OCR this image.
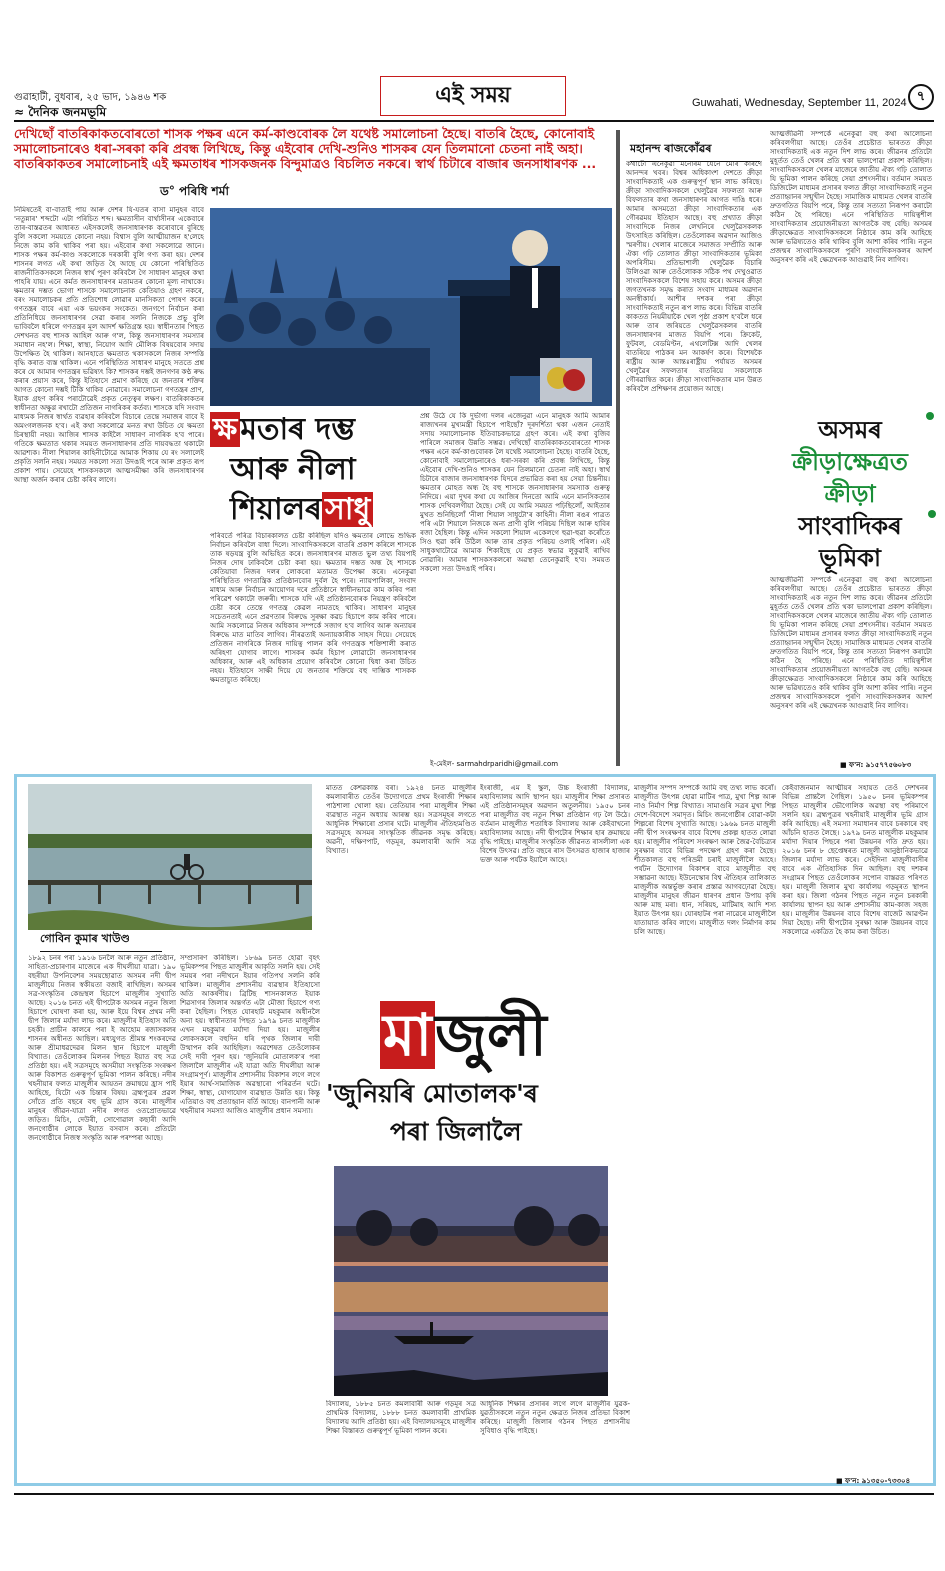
গুৱাহাটী, বুধবাৰ, ২৫ ভাদ, ১৯৪৬ শক
≈ দৈনিক জনমভূমি
এই সময়	Guwahati, Wednesday, September 11, 2024 ৭
দেখিছোঁ বাতৰিকাকতবোৰতো শাসক পক্ষৰ এনে কৰ্ম-কাণ্ডবোৰক লৈ যথেষ্ট সমালোচনা হৈছে। বাতৰি হৈছে, কোনোবাই সমালোচনাৰেও ধৰা-সৰকা কৰি প্ৰবন্ধ লিখিছে, কিন্তু এইবোৰ দেখি-শুনিও শাসকৰ যেন তিলমানো চেতনা নাই অহা। বাতৰিকাকতৰ সমালোচনাই এই ক্ষমতাধৰ শাসকজনক বিন্দুমাত্ৰও বিচলিত নকৰে। স্বাৰ্থ চিটাৰে বাজাৰ জনসাধাৰণক ...
ড° পৰিধি শৰ্মা

নিমিষতেই বা-বাতাই পায় আৰু দেশৰ যি-যতৰ বাসা মানুহৰ বাবে 'নতুন্নাৰ' শব্দটো এটা পৰিচিত শব্দ। ক্ষমতাসীন বাৰ্থাসীনৰ একেবাৰে তাৰ-বাস্তৱতৰ আধাৰত এইসকলেই জনসাধাৰণক কৰোবাৰে বুৰিছে বুলি সকলো সময়তে কোনো নহয়। বিশ্বাস বুলি আত্মীয়াজন হ'লেহে নিজে কাম কৰি থাকিব পৰা হয়। এইবোৰ কথা সকলোৱে জানে। শাসক পক্ষৰ কৰ্ম-কাণ্ড সকলোকে দৰকাৰী বুলি গণ্য কৰা হয়। দেশৰ শাসনৰ লগত এই কথা জড়িত হৈ আছে যে কোনো পৰিস্থিতিত ৰাজনীতিকসকলে নিজৰ স্বাৰ্থ পূৰণ কৰিবলৈ গৈ সাধাৰণ মানুহৰ কথা পাহৰি যায়। এনে কৰ্মত জনসাধাৰণৰ মতামতৰ কোনো মূল্য নাথাকে। ক্ষমতাৰ দম্ভত ভোগা শাসকে সমালোচনাক কেতিয়াও গ্ৰহণ নকৰে, বৰং সমালোচকৰ প্ৰতি প্ৰতিশোধ লোৱাৰ মানসিকতা পোষণ কৰে। গণতন্ত্ৰৰ বাবে এয়া এক ভয়ংকৰ সংকেত। জনগণে নিৰ্বাচন কৰা প্ৰতিনিধিয়ে জনসাধাৰণৰ সেৱা কৰাৰ সলনি নিজকে প্ৰভু বুলি ভাবিবলৈ ধৰিলে গণতন্ত্ৰৰ মূল আদৰ্শ ক্ষতিগ্ৰস্ত হয়। স্বাধীনতাৰ পিছত দেশখনত বহু শাসক আহিল আৰু গ'ল, কিন্তু জনসাধাৰণৰ সমস্যাৰ সমাধান নহ'ল। শিক্ষা, স্বাস্থ্য, নিয়োগ আদি মৌলিক বিষয়বোৰ সদায় উপেক্ষিত হৈ থাকিল। আনহাতে ক্ষমতাত থকাসকলে নিজৰ সম্পত্তি বৃদ্ধি কৰাত ব্যস্ত থাকিল। এনে পৰিস্থিতিত সাধাৰণ মানুহে সততে প্ৰশ্ন কৰে যে আমাৰ গণতন্ত্ৰৰ ভৱিষ্যৎ কি? শাসকৰ দম্ভই জনগণৰ কণ্ঠ ৰুদ্ধ কৰাৰ প্ৰয়াস কৰে, কিন্তু ইতিহাসে প্ৰমাণ কৰিছে যে জনতাৰ শক্তিৰ আগত কোনো দম্ভই টিকি থাকিব নোৱাৰে। সমালোচনা গণতন্ত্ৰৰ প্ৰাণ, ইয়াক গ্ৰহণ কৰিব পৰাটোৱেই প্ৰকৃত নেতৃত্বৰ লক্ষণ। বাতৰিকাকতৰ স্বাধীনতা অক্ষুণ্ণ ৰখাটো প্ৰতিজন নাগৰিকৰ কৰ্তব্য। শাসকে যদি সংবাদ মাধ্যমক নিজৰ স্বাৰ্থত ব্যৱহাৰ কৰিবলৈ বিচাৰে তেন্তে সমাজৰ বাবে ই অমংগলজনক হ'ব। এই কথা সকলোৱে মনত ৰখা উচিত যে ক্ষমতা চিৰস্থায়ী নহয়। আজিৰ শাসক কাইলৈ সাধাৰণ নাগৰিক হ'ব পাৰে। গতিকে ক্ষমতাত থকাৰ সময়ত জনসাধাৰণৰ প্ৰতি দায়বদ্ধতা থকাটো আৱশ্যক। নীলা শিয়ালৰ কাহিনীটোৱে আমাক শিকায় যে ৰং সলালেই প্ৰকৃতি সলনি নহয়। সময়ত সকলো সত্য উদঙাই পৰে আৰু প্ৰকৃত ৰূপ প্ৰকাশ পায়। সেয়েহে শাসকসকলে আত্মসমীক্ষা কৰি জনসাধাৰণৰ আস্থা অৰ্জন কৰাৰ চেষ্টা কৰিব লাগে।

ক্ষ মতাৰ দম্ভ
আৰু নীলা
শিয়ালৰ সাধু

পৰিবৰ্তে পৰিত্ৰ বিচাৰকালত চেষ্টা কৰিছিল যদিও ক্ষমতাৰ লোভে শুদ্ধিক নিৰ্বাচন কৰিবলৈ বাধা দিলে। সাংবাদিকসকলে বাতৰি প্ৰকাশ কৰিলে শাসকে তাক ষড়যন্ত্ৰ বুলি অভিহিত কৰে। জনসাধাৰণৰ মাজত ভুল তথ্য বিয়পাই নিজৰ দোষ ঢাকিবলৈ চেষ্টা কৰা হয়। ক্ষমতাৰ দম্ভত অন্ধ হৈ শাসকে কেতিয়াবা নিজৰ দলৰ লোকৰো মতামত উপেক্ষা কৰে। এনেকুৱা পৰিস্থিতিত গণতান্ত্ৰিক প্ৰতিষ্ঠানবোৰ দুৰ্বল হৈ পৰে। ন্যায়পালিকা, সংবাদ মাধ্যম আৰু নিৰ্বাচন আয়োগৰ দৰে প্ৰতিষ্ঠানে স্বাধীনভাৱে কাম কৰিব পৰা পৰিৱেশ থকাটো জৰুৰী। শাসকে যদি এই প্ৰতিষ্ঠানবোৰক নিয়ন্ত্ৰণ কৰিবলৈ চেষ্টা কৰে তেন্তে গণতন্ত্ৰ কেৱল নামতহে থাকিব। সাধাৰণ মানুহৰ সচেতনতাই এনে প্ৰৱণতাৰ বিৰুদ্ধে সুৰক্ষা কৱচ হিচাপে কাম কৰিব পাৰে। আমি সকলোৱে নিজৰ অধিকাৰ সম্পৰ্কে সজাগ হ'ব লাগিব আৰু অন্যায়ৰ বিৰুদ্ধে মাত মাতিব লাগিব। নীৰৱতাই অন্যায়কাৰীক সাহস দিয়ে। সেয়েহে প্ৰতিজন নাগৰিকে নিজৰ দায়িত্ব পালন কৰি গণতন্ত্ৰক শক্তিশালী কৰাত অৰিহণা যোগাব লাগে। শাসকৰ কৰ্মৰ হিচাপ লোৱাটো জনসাধাৰণৰ অধিকাৰ, আৰু এই অধিকাৰ প্ৰয়োগ কৰিবলৈ কোনো দ্বিধা কৰা উচিত নহয়। ইতিহাসে সাক্ষী দিয়ে যে জনতাৰ শক্তিয়ে বহু দাম্ভিক শাসকক ক্ষমতাচ্যুত কৰিছে।

প্ৰশ্ন উঠে যে কি দুৰ্ভাগ্য দলৰ এজেনুৱা এনে মানুহক আমি আমাৰ ৰাজ্যখনৰ মুখ্যমন্ত্ৰী হিচাপে পাইছোঁ? দূৰদৰ্শিতা থকা এজন নেতাই সদায় সমালোচনাক ইতিবাচকভাৱে গ্ৰহণ কৰে। এই কথা বুজিব পাৰিলে সমাজৰ উন্নতি সম্ভৱ। দেখিছোঁ বাতৰিকাকতবোৰতো শাসক পক্ষৰ এনে কৰ্ম-কাণ্ডবোৰক লৈ যথেষ্ট সমালোচনা হৈছে। বাতৰি হৈছে, কোনোবাই সমালোচনাৰেও ধৰা-সৰকা কৰি প্ৰবন্ধ লিখিছে, কিন্তু এইবোৰ দেখি-শুনিও শাসকৰ যেন তিলমানো চেতনা নাই অহা। স্বাৰ্থ চিটাৰে বাজাৰ জনসাধাৰণক যিদৰে প্ৰভাৱিত কৰা হয় সেয়া চিন্তনীয়। ক্ষমতাৰ মোহত অন্ধ হৈ বহু শাসকে জনসাধাৰণৰ সমস্যাক গুৰুত্ব নিদিয়ে। এয়া দুখৰ কথা যে আজিৰ দিনতো আমি এনে মানসিকতাৰ শাসক দেখিবলগীয়া হৈছে। সেই যে আমি সময়ত পঢ়িছিলোঁ, আইতাৰ মুখত শুনিছিলোঁ 'নীলা শিয়াল সাধুটো'ৰ কাহিনী। নীলা ৰঙৰ পাত্ৰত পৰি এটা শিয়ালে নিজকে অন্য প্ৰাণী বুলি পৰিচয় দিছিল আৰু হাবিৰ ৰজা হৈছিল। কিন্তু এদিন সকলো শিয়াল একেলগে হুৱা-হুৱা কৰোঁতে সিও হুৱা কৰি উঠিল আৰু তাৰ প্ৰকৃত পৰিচয় ওলাই পৰিল। এই সাধুকথাটোৱে আমাক শিকাইছে যে প্ৰকৃত স্বভাৱ লুকুৱাই ৰাখিব নোৱাৰি। আমাৰ শাসকসকলৰো অৱস্থা তেনেকুৱাই হ'ব। সময়ত সকলো সত্য উদঙাই পৰিব।

ই-মেইল- sarmahdrparidhi@gmail.com
মহানন্দ ৰাজকোঁৱৰ

কথাটো এনেকুৱা মনোৰম যেনে মোৰ কাৰণে আনন্দৰ খবৰ। বিশ্বৰ অধিকাংশ দেশতে ক্ৰীড়া সাংবাদিকতাই এক গুৰুত্বপূৰ্ণ স্থান লাভ কৰিছে। ক্ৰীড়া সাংবাদিকসকলে খেলুৱৈৰ সফলতা আৰু বিফলতাৰ কথা জনসাধাৰণৰ আগত দাঙি ধৰে। আমাৰ অসমতো ক্ৰীড়া সাংবাদিকতাৰ এক গৌৰৱময় ইতিহাস আছে। বহু প্ৰখ্যাত ক্ৰীড়া সাংবাদিকে নিজৰ লেখনিৰে খেলুৱৈসকলক উৎসাহিত কৰিছিল। তেওঁলোকৰ অৱদান আজিও স্মৰণীয়। খেলাৰ মাজেৰে সমাজত সম্প্ৰীতি আৰু ঐক্য গঢ়ি তোলাত ক্ৰীড়া সাংবাদিকতাৰ ভূমিকা অপৰিসীম। প্ৰতিভাশালী খেলুৱৈক বিচাৰি উলিওৱা আৰু তেওঁলোকক সঠিক পথ দেখুওৱাত সাংবাদিকসকলে বিশেষ সহায় কৰে। অসমৰ ক্ৰীড়া জগতখনক সমৃদ্ধ কৰাত সংবাদ মাধ্যমৰ অৱদান অনস্বীকাৰ্য। আশীৰ দশকৰ পৰা ক্ৰীড়া সাংবাদিকতাই নতুন ৰূপ লাভ কৰে। বিভিন্ন বাতৰি কাকতত নিয়মীয়াকৈ খেল পৃষ্ঠা প্ৰকাশ হ'বলৈ ধৰে আৰু তাৰ জৰিয়তে খেলুৱৈসকলৰ বাতৰি জনসাধাৰণৰ মাজত বিয়পি পৰে। ক্ৰিকেট, ফুটবল, বেডমিণ্টন, এথলেটিক্স আদি খেলৰ বাতৰিয়ে পাঠকৰ মন আকৰ্ষণ কৰে। বিশেষকৈ ৰাষ্ট্ৰীয় আৰু আন্তঃৰাষ্ট্ৰীয় পৰ্যায়ত অসমৰ খেলুৱৈৰ সফলতাৰ বাতৰিয়ে সকলোকে গৌৰৱান্বিত কৰে। ক্ৰীড়া সাংবাদিকতাৰ মান উন্নত কৰিবলৈ প্ৰশিক্ষণৰ প্ৰয়োজন আছে।

আত্মজীৱনী সম্পৰ্কে এনেকুৱা বহু কথা আলোচনা কৰিবলগীয়া আছে। তেওঁৰ প্ৰচেষ্টাত ভাৰতত ক্ৰীড়া সাংবাদিকতাই এক নতুন দিশ লাভ কৰে। জীৱনৰ প্ৰতিটো মুহূৰ্তত তেওঁ খেলৰ প্ৰতি থকা ভালপোৱা প্ৰকাশ কৰিছিল। সাংবাদিকসকলে খেলৰ মাজেৰে জাতীয় ঐক্য গঢ়ি তোলাত যি ভূমিকা পালন কৰিছে সেয়া প্ৰশংসনীয়। বৰ্তমান সময়ত ডিজিটেল মাধ্যমৰ প্ৰসাৰৰ ফলত ক্ৰীড়া সাংবাদিকতাই নতুন প্ৰত্যাহ্বানৰ সন্মুখীন হৈছে। সামাজিক মাধ্যমত খেলৰ বাতৰি দ্ৰুতগতিত বিয়পি পৰে, কিন্তু তাৰ সত্যতা নিৰূপণ কৰাটো কঠিন হৈ পৰিছে। এনে পৰিস্থিতিত দায়িত্বশীল সাংবাদিকতাৰ প্ৰয়োজনীয়তা আগতকৈ বহু বেছি। অসমৰ ক্ৰীড়াক্ষেত্ৰত সাংবাদিকসকলে নিষ্ঠাৰে কাম কৰি আহিছে আৰু ভৱিষ্যতেও কৰি থাকিব বুলি আশা কৰিব পাৰি। নতুন প্ৰজন্মৰ সাংবাদিকসকলে পুৰণি সাংবাদিকসকলৰ আদৰ্শ অনুসৰণ কৰি এই ক্ষেত্ৰখনক আগুৱাই নিব লাগিব।

অসমৰ
ক্ৰীড়াক্ষেত্ৰত
ক্ৰীড়া
সাংবাদিকৰ
ভূমিকা

আত্মজীৱনী সম্পৰ্কে এনেকুৱা বহু কথা আলোচনা কৰিবলগীয়া আছে। তেওঁৰ প্ৰচেষ্টাত ভাৰতত ক্ৰীড়া সাংবাদিকতাই এক নতুন দিশ লাভ কৰে। জীৱনৰ প্ৰতিটো মুহূৰ্তত তেওঁ খেলৰ প্ৰতি থকা ভালপোৱা প্ৰকাশ কৰিছিল। সাংবাদিকসকলে খেলৰ মাজেৰে জাতীয় ঐক্য গঢ়ি তোলাত যি ভূমিকা পালন কৰিছে সেয়া প্ৰশংসনীয়। বৰ্তমান সময়ত ডিজিটেল মাধ্যমৰ প্ৰসাৰৰ ফলত ক্ৰীড়া সাংবাদিকতাই নতুন প্ৰত্যাহ্বানৰ সন্মুখীন হৈছে। সামাজিক মাধ্যমত খেলৰ বাতৰি দ্ৰুতগতিত বিয়পি পৰে, কিন্তু তাৰ সত্যতা নিৰূপণ কৰাটো কঠিন হৈ পৰিছে। এনে পৰিস্থিতিত দায়িত্বশীল সাংবাদিকতাৰ প্ৰয়োজনীয়তা আগতকৈ বহু বেছি। অসমৰ ক্ৰীড়াক্ষেত্ৰত সাংবাদিকসকলে নিষ্ঠাৰে কাম কৰি আহিছে আৰু ভৱিষ্যতেও কৰি থাকিব বুলি আশা কৰিব পাৰি। নতুন প্ৰজন্মৰ সাংবাদিকসকলে পুৰণি সাংবাদিকসকলৰ আদৰ্শ অনুসৰণ কৰি এই ক্ষেত্ৰখনক আগুৱাই নিব লাগিব।

■ ফ'ন: ৯১৫৭৭৫৬০৮৩
গোবিন কুমাৰ খাউণ্ড

১৮৯২ চনৰ পৰা ১৯১৬ চনলৈ আৰু নতুন প্ৰতিষ্ঠান, সাহিত্য-প্ৰচাৰণাৰ মাজেৰে এক দীঘলীয়া যাত্ৰা। ১৯০ বছৰীয়া উপনিবেশৰ সময়ছোৱাত অসমৰ নদী দ্বীপ মাজুলীয়ে নিজৰ স্বকীয়তা বজাই ৰাখিছিল। অসমৰ সত্ৰ-সংস্কৃতিৰ কেন্দ্ৰস্থল হিচাপে মাজুলীৰ সুখ্যাতি আছে। ২০১৬ চনত এই দ্বীপটোক অসমৰ নতুন জিলা হিচাপে ঘোষণা কৰা হয়, আৰু ইয়ে বিশ্বৰ প্ৰথম নদী দ্বীপ জিলাৰ মৰ্যাদা লাভ কৰে। মাজুলীৰ ইতিহাস অতি চহকী। প্ৰাচীন কালৰে পৰা ই আহোম ৰজাসকলৰ শাসনৰ অধীনত আছিল। মধ্যযুগত শ্ৰীমন্ত শংকৰদেৱ আৰু শ্ৰীমাধৱদেৱৰ মিলন স্থান হিচাপে মাজুলী বিখ্যাত। তেওঁলোকৰ মিলনৰ পিছত ইয়াত বহু সত্ৰ প্ৰতিষ্ঠা হয়। এই সত্ৰসমূহে অসমীয়া সংস্কৃতিক সংৰক্ষণ আৰু বিকাশত গুৰুত্বপূৰ্ণ ভূমিকা পালন কৰিছে। নদীৰ খহনীয়াৰ ফলত মাজুলীৰ আয়তন ক্ৰমান্বয়ে হ্ৰাস পাই আহিছে, যিটো এক চিন্তাৰ বিষয়। ব্ৰহ্মপুত্ৰৰ প্ৰৱল সোঁতে প্ৰতি বছৰে বহু ভূমি গ্ৰাস কৰে। মাজুলীৰ মানুহৰ জীৱন-যাত্ৰা নদীৰ লগত ওতপ্ৰোতভাৱে জড়িত। মিচিং, দেউৰী, সোণোৱাল কছাৰী আদি জনগোষ্ঠীৰ লোকে ইয়াত বসবাস কৰে। প্ৰতিটো জনগোষ্ঠীৰে নিজস্ব সংস্কৃতি আৰু পৰম্পৰা আছে।

সম্প্ৰসাৰণ কৰিছিল। ১৮৬৯ চনত হোৱা বৃহৎ ভূমিকম্পৰ পিছত মাজুলীৰ আকৃতি সলনি হয়। সেই সময়ৰ পৰা নদীখনে ইয়াৰ গতিপথ সলনি কৰি থাকিল। মাজুলীৰ প্ৰশাসনীয় ব্যৱস্থাৰ ইতিহাসো অতি আকৰ্ষণীয়। ব্ৰিটিছ শাসনকালত ইয়াক শিৱসাগৰ জিলাৰ অন্তৰ্গত এটা মৌজা হিচাপে গণ্য কৰা হৈছিল। পিছত যোৰহাট মহকুমাৰ অধীনলৈ অনা হয়। স্বাধীনতাৰ পিছত ১৯৭৯ চনত মাজুলীক এখন মহকুমাৰ মৰ্যাদা দিয়া হয়। মাজুলীৰ লোকসকলে বহুদিন ধৰি পৃথক জিলাৰ দাবী উত্থাপন কৰি আহিছিল। অৱশেষত তেওঁলোকৰ সেই দাবী পূৰণ হয়। 'জুনিয়ৰি মোতালক'ৰ পৰা জিলালৈ মাজুলীৰ এই যাত্ৰা অতি দীঘলীয়া আৰু সংগ্ৰামপূৰ্ণ। মাজুলীৰ প্ৰশাসনীয় বিকাশৰ লগে লগে ইয়াৰ আৰ্থ-সামাজিক অৱস্থাৰো পৰিৱৰ্তন ঘটে। শিক্ষা, স্বাস্থ্য, যোগাযোগ ব্যৱস্থাত উন্নতি হয়। কিন্তু এতিয়াও বহু প্ৰত্যাহ্বান বৰ্তি আছে। বানপানী আৰু খহনীয়াৰ সমস্যা আজিও মাজুলীৰ প্ৰধান সমস্যা।

মাতত কেশৱকান্ত বৰা। ১৯২৪ চনত মাজুলীৰ কমলাবাৰীত তেওঁৰ উদ্যোগতে প্ৰথম ইংৰাজী শিক্ষাৰ পাঠশালা খোলা হয়। তেতিয়াৰ পৰা মাজুলীৰ শিক্ষা ব্যৱস্থাত নতুন অধ্যায় আৰম্ভ হয়। সত্ৰসমূহৰ লগতে আধুনিক শিক্ষাৰো প্ৰসাৰ ঘটে। মাজুলীৰ ঐতিহ্যমণ্ডিত সত্ৰসমূহে অসমৰ সাংস্কৃতিক জীৱনক সমৃদ্ধ কৰিছে। অৱনী, দক্ষিণপাট, গড়মূৰ, কমলাবাৰী আদি সত্ৰ বিখ্যাত।

ইংৰাজী, এম ই স্কুল, উচ্চ ইংৰাজী বিদ্যালয়, মহাবিদ্যালয় আদি স্থাপন হয়। মাজুলীৰ শিক্ষা প্ৰসাৰত এই প্ৰতিষ্ঠানসমূহৰ অৱদান অতুলনীয়। ১৯৫০ চনৰ পৰা মাজুলীত বহু নতুন শিক্ষা প্ৰতিষ্ঠান গঢ় লৈ উঠে। বৰ্তমান মাজুলীত শতাধিক বিদ্যালয় আৰু কেইবাখনো মহাবিদ্যালয় আছে। নদী দ্বীপটোৰ শিক্ষাৰ হাৰ ক্ৰমান্বয়ে বৃদ্ধি পাইছে। মাজুলীৰ সংস্কৃতিক জীৱনত ৰাসলীলা এক বিশেষ উৎসৱ। প্ৰতি বছৰে ৰাস উৎসৱত হাজাৰ হাজাৰ ভক্ত আৰু পৰ্যটক ইয়ালৈ আহে।

মাজুলী
'জুনিয়ৰি মোতালক'ৰ
পৰা জিলালৈ

বিদ্যালয়, ১৮৮৫ চনত কমলাবাৰী আৰু গড়মূৰ সত্ৰ প্ৰাথমিক বিদ্যালয়, ১৮৮৮ চনত কমলাবাৰী প্ৰাথমিক বিদ্যালয় আদি প্ৰতিষ্ঠা হয়। এই বিদ্যালয়সমূহে মাজুলীৰ শিক্ষা বিস্তাৰত গুৰুত্বপূৰ্ণ ভূমিকা পালন কৰে।

আধুনিক শিক্ষাৰ প্ৰসাৰৰ লগে লগে মাজুলীৰ যুৱক-যুৱতীসকলে নতুন নতুন ক্ষেত্ৰত নিজৰ প্ৰতিভা বিকাশ কৰিছে। মাজুলী জিলাৰ গঠনৰ পিছত প্ৰশাসনীয় সুবিধাও বৃদ্ধি পাইছে।

মাজুলীৰ সম্পদ সম্পৰ্কে আমি বহু তথ্য লাভ কৰোঁ। মাজুলীত উৎপন্ন হোৱা মাটিৰ পাত্ৰ, মুখা শিল্প আৰু নাও নিৰ্মাণ শিল্প বিখ্যাত। সামাগুৰি সত্ৰৰ মুখা শিল্প দেশে-বিদেশে সমাদৃত। মিচিং জনগোষ্ঠীৰ বোৱা-কটা শিল্পৰো বিশেষ সুখ্যাতি আছে। ১৯৬৯ চনত মাজুলী নদী দ্বীপ সংৰক্ষণৰ বাবে বিশেষ প্ৰকল্প হাতত লোৱা হয়। মাজুলীৰ পৰিবেশ সংৰক্ষণ আৰু জৈৱ-বৈচিত্ৰ্যৰ সুৰক্ষাৰ বাবে বিভিন্ন পদক্ষেপ গ্ৰহণ কৰা হৈছে। শীতকালত বহু পৰিভ্ৰমী চৰাই মাজুলীলৈ আহে। পৰ্যটন উদ্যোগৰ বিকাশৰ বাবে মাজুলীত বহু সম্ভাৱনা আছে। ইউনেস্কোৰ বিশ্ব ঐতিহ্যৰ তালিকাত মাজুলীক অন্তৰ্ভুক্ত কৰাৰ প্ৰস্তাৱ আগবঢ়োৱা হৈছে। মাজুলীৰ মানুহৰ জীৱন ধাৰণৰ প্ৰধান উপায় কৃষি আৰু মাছ মৰা। ধান, সৰিয়হ, মাটিমাহ আদি শস্য ইয়াত উৎপন্ন হয়। যোৰহাটৰ পৰা নাৱেৰে মাজুলীলৈ যাতায়াত কৰিব লাগে। মাজুলীত দলং নিৰ্মাণৰ কাম চলি আছে।

কেইবাজনমান আত্মীয়ৰ সহায়ত তেওঁ দেশখনৰ বিভিন্ন প্ৰান্তলৈ গৈছিল। ১৯৫০ চনৰ ভূমিকম্পৰ পিছত মাজুলীৰ ভৌগোলিক অৱস্থা বহু পৰিমাণে সলনি হয়। ব্ৰহ্মপুত্ৰৰ খহনীয়াই মাজুলীৰ ভূমি গ্ৰাস কৰি আহিছে। এই সমস্যা সমাধানৰ বাবে চৰকাৰে বহু আঁচনি হাতত লৈছে। ১৯৭৯ চনত মাজুলীক মহকুমাৰ মৰ্যাদা দিয়াৰ পিছৰে পৰা উন্নয়নৰ গতি দ্ৰুত হয়। ২০১৬ চনৰ ৮ ছেপ্তেম্বৰত মাজুলী আনুষ্ঠানিকভাৱে জিলাৰ মৰ্যাদা লাভ কৰে। সেইদিনা মাজুলীবাসীৰ বাবে এক ঐতিহাসিক দিন আছিল। বহু দশকৰ সংগ্ৰামৰ পিছত তেওঁলোকৰ সপোন বাস্তৱত পৰিণত হয়। মাজুলী জিলাৰ মুখ্য কাৰ্যালয় গড়মূৰত স্থাপন কৰা হয়। জিলা গঠনৰ পিছত নতুন নতুন চৰকাৰী কাৰ্যালয় স্থাপন হয় আৰু প্ৰশাসনীয় কাম-কাজ সহজ হয়। মাজুলীৰ উন্নয়নৰ বাবে বিশেষ বাজেট আৱণ্টন দিয়া হৈছে। নদী দ্বীপটোৰ সুৰক্ষা আৰু উন্নয়নৰ বাবে সকলোৱে একত্ৰিত হৈ কাম কৰা উচিত।

■ ফ'ন: ৯১৩৫০-৭৩৩০৪
